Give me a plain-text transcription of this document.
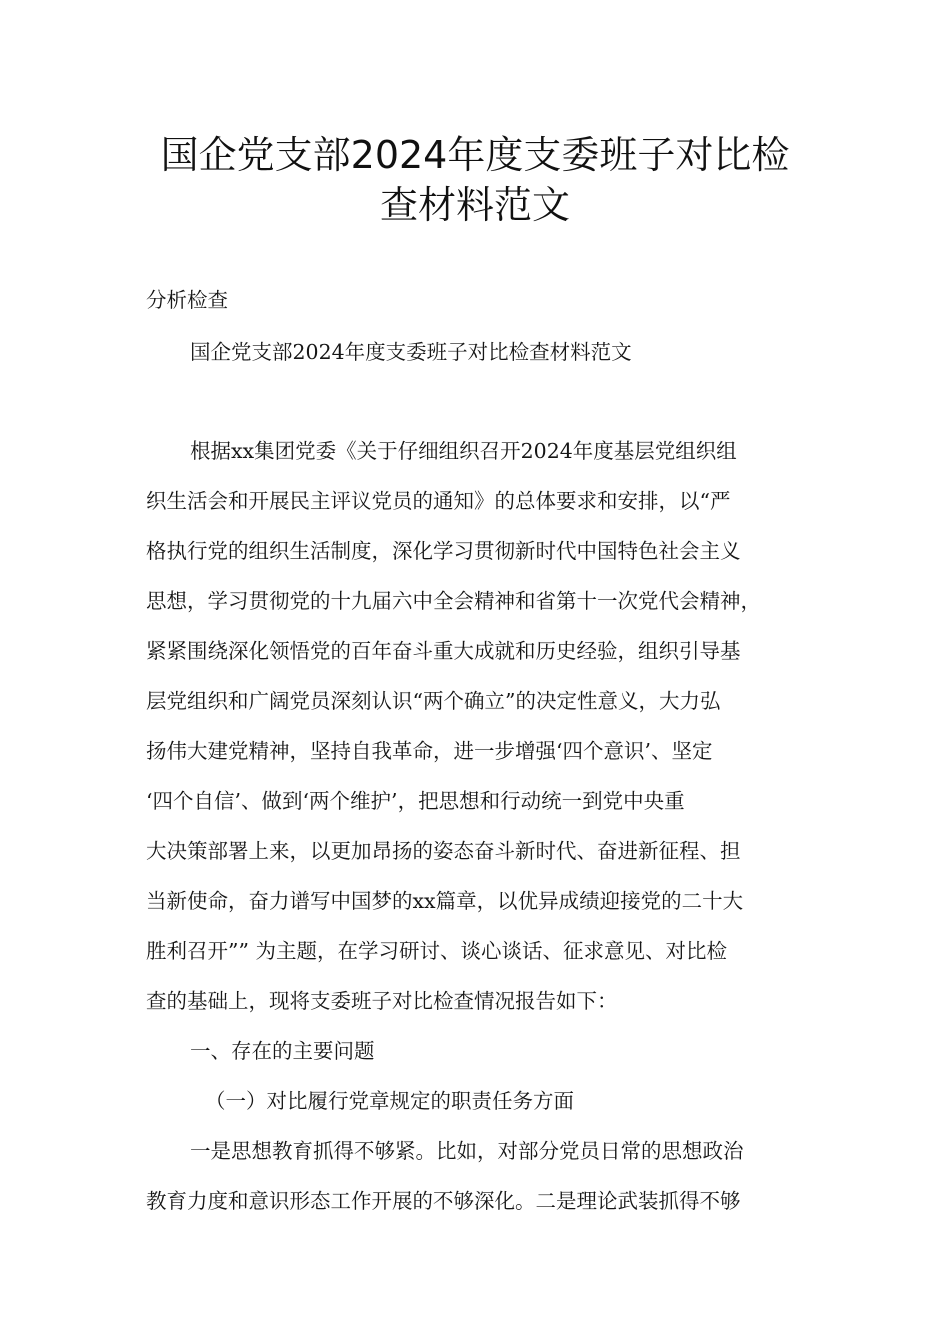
国企党支部2024年度支委班子对比检
查材料范文
分析检查
国企党支部2024年度支委班子对比检查材料范文
根据xx集团党委《关于仔细组织召开2024年度基层党组织组
织生活会和开展民主评议党员的通知》的总体要求和安排，以“严
格执行党的组织生活制度，深化学习贯彻新时代中国特色社会主义
思想，学习贯彻党的十九届六中全会精神和省第十一次党代会精神，
紧紧围绕深化领悟党的百年奋斗重大成就和历史经验，组织引导基
层党组织和广阔党员深刻认识“两个确立”的决定性意义，大力弘
扬伟大建党精神，坚持自我革命，进一步增强‘四个意识’、坚定
‘四个自信’、做到‘两个维护’，把思想和行动统一到党中央重
大决策部署上来，以更加昂扬的姿态奋斗新时代、奋进新征程、担
当新使命，奋力谱写中国梦的xx篇章，以优异成绩迎接党的二十大
胜利召开”” 为主题，在学习研讨、谈心谈话、征求意见、对比检
查的基础上，现将支委班子对比检查情况报告如下：
一、存在的主要问题
（一）对比履行党章规定的职责任务方面
一是思想教育抓得不够紧。比如，对部分党员日常的思想政治
教育力度和意识形态工作开展的不够深化。二是理论武装抓得不够
